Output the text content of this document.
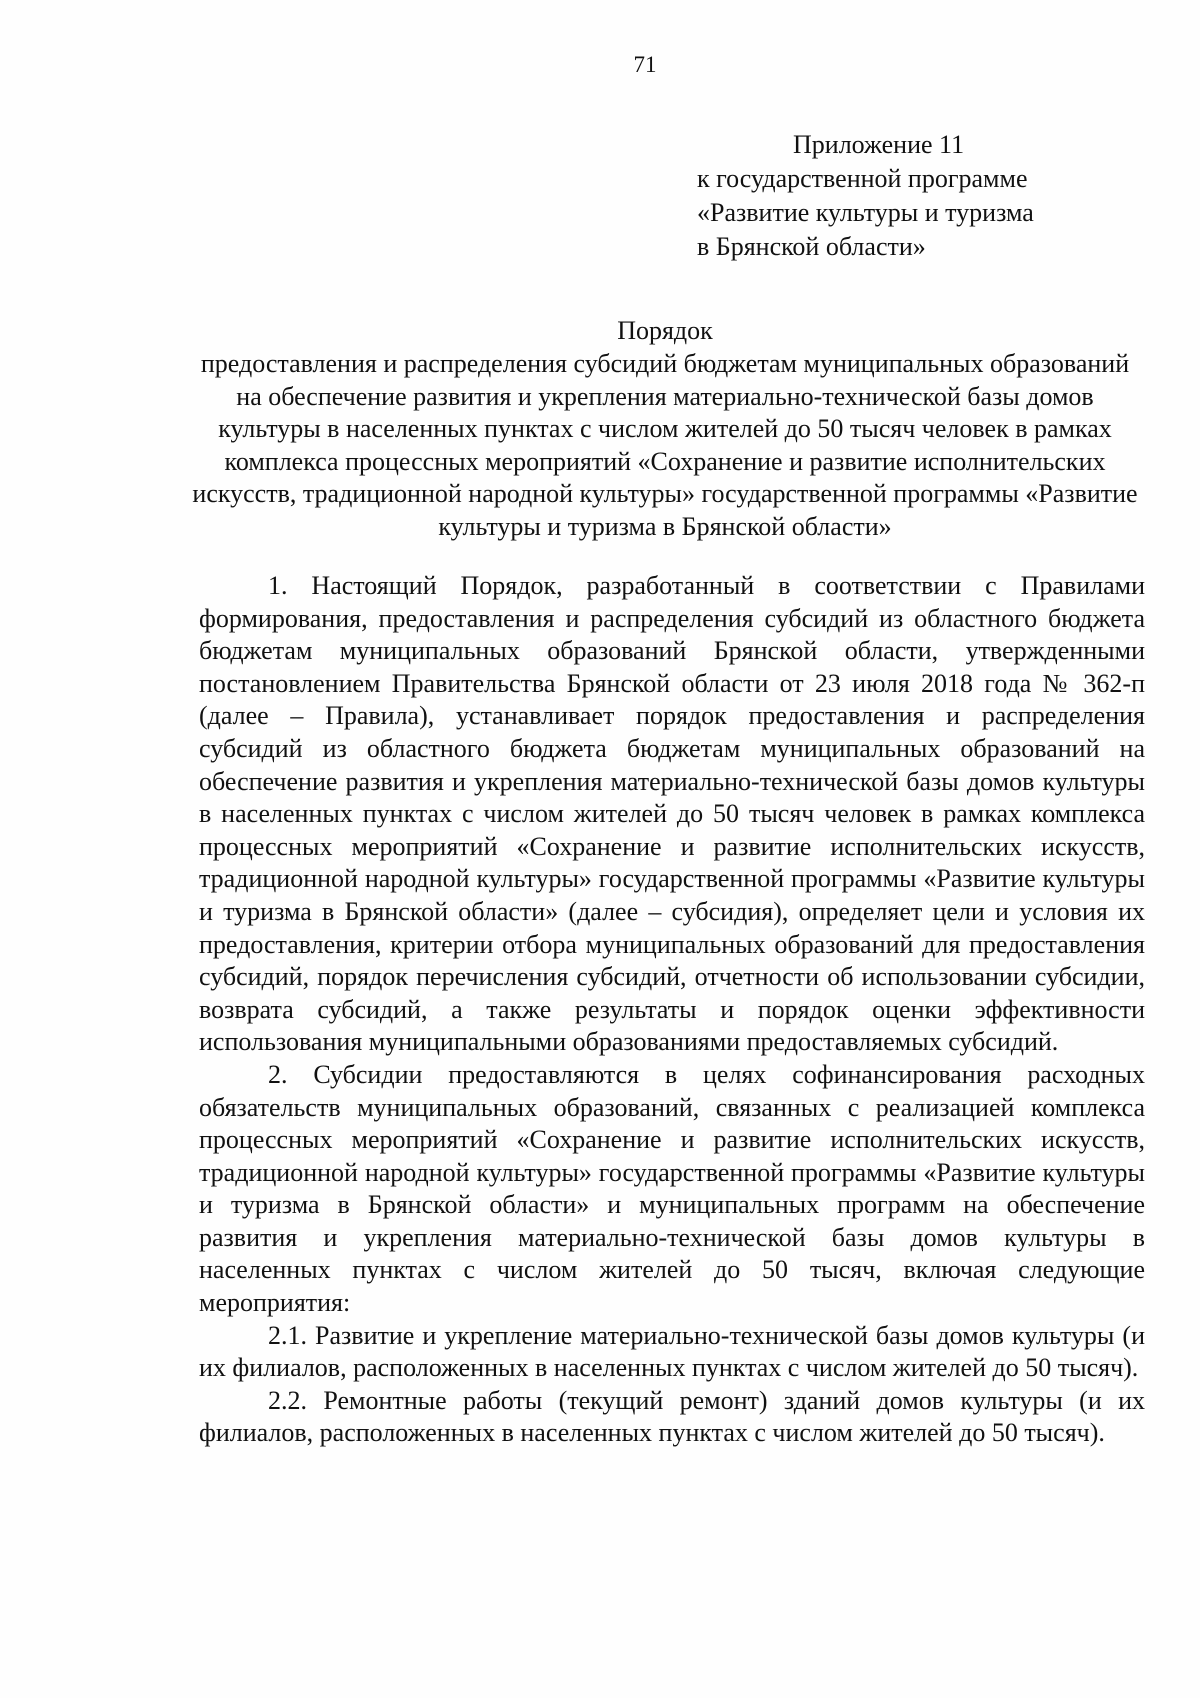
71
Приложение 11
к государственной программе
«Развитие культуры и туризма
в Брянской области»
Порядок
предоставления и распределения субсидий бюджетам муниципальных образований на обеспечение развития и укрепления материально-технической базы домов культуры в населенных пунктах с числом жителей до 50 тысяч человек в рамках комплекса процессных мероприятий «Сохранение и развитие исполнительских искусств, традиционной народной культуры» государственной программы «Развитие культуры и туризма в Брянской области»

1. Настоящий Порядок, разработанный в соответствии с Правилами формирования, предоставления и распределения субсидий из областного бюджета бюджетам муниципальных образований Брянской области, утвержденными постановлением Правительства Брянской области от 23 июля 2018 года № 362-п (далее – Правила), устанавливает порядок предоставления и распределения субсидий из областного бюджета бюджетам муниципальных образований на обеспечение развития и укрепления материально-технической базы домов культуры в населенных пунктах с числом жителей до 50 тысяч человек в рамках комплекса процессных мероприятий «Сохранение и развитие исполнительских искусств, традиционной народной культуры» государственной программы «Развитие культуры и туризма в Брянской области» (далее – субсидия), определяет цели и условия их предоставления, критерии отбора муниципальных образований для предоставления субсидий, порядок перечисления субсидий, отчетности об использовании субсидии, возврата субсидий, а также результаты и порядок оценки эффективности использования муниципальными образованиями предоставляемых субсидий.

2. Субсидии предоставляются в целях софинансирования расходных обязательств муниципальных образований, связанных с реализацией комплекса процессных мероприятий «Сохранение и развитие исполнительских искусств, традиционной народной культуры» государственной программы «Развитие культуры и туризма в Брянской области» и муниципальных программ на обеспечение развития и укрепления материально-технической базы домов культуры в населенных пунктах с числом жителей до 50 тысяч, включая следующие мероприятия:

2.1. Развитие и укрепление материально-технической базы домов культуры (и их филиалов, расположенных в населенных пунктах с числом жителей до 50 тысяч).

2.2. Ремонтные работы (текущий ремонт) зданий домов культуры (и их филиалов, расположенных в населенных пунктах с числом жителей до 50 тысяч).
